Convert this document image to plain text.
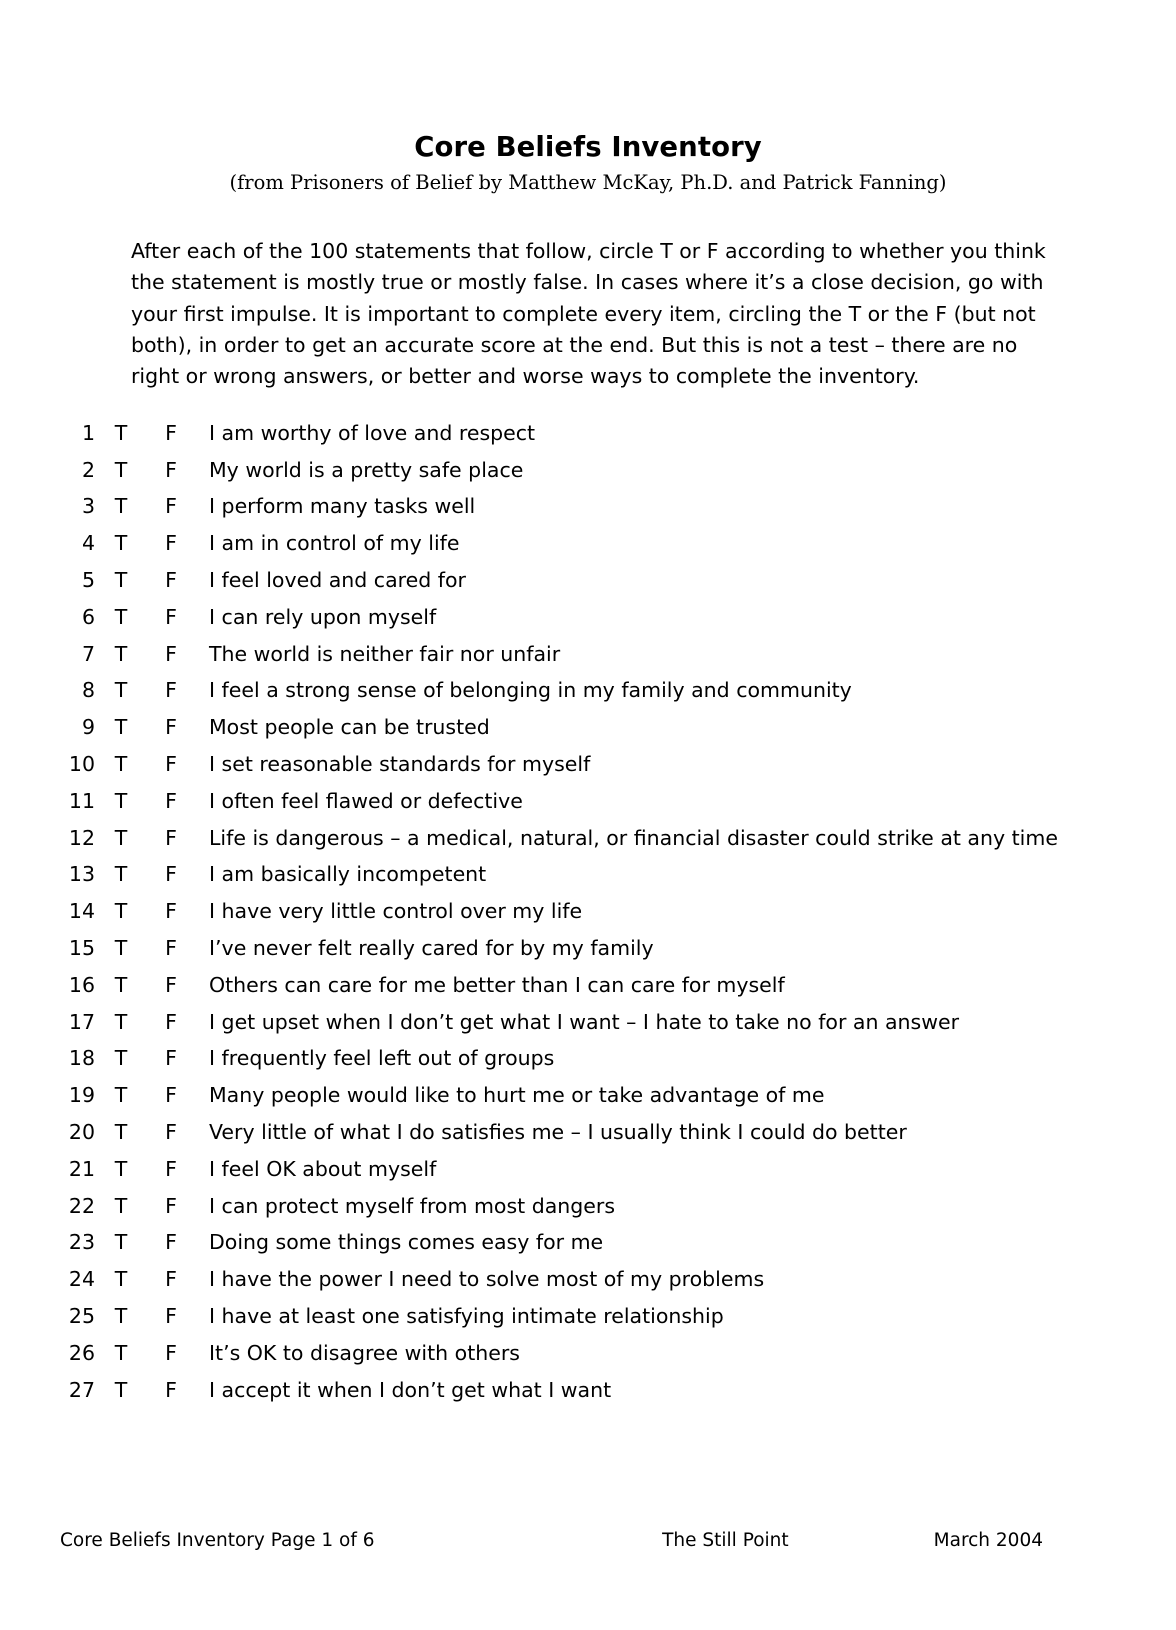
Core Beliefs Inventory
(from Prisoners of Belief by Matthew McKay, Ph.D. and Patrick Fanning)

After each of the 100 statements that follow, circle T or F according to whether you think the statement is mostly true or mostly false. In cases where it’s a close decision, go with your first impulse. It is important to complete every item, circling the T or the F (but not both), in order to get an accurate score at the end. But this is not a test – there are no right or wrong answers, or better and worse ways to complete the inventory.

1 T	F	I am worthy of love and respect
2 T	F	My world is a pretty safe place
3 T	F	I perform many tasks well
4 T	F	I am in control of my life
5 T	F	I feel loved and cared for
6 T	F	I can rely upon myself
7 T	F	The world is neither fair nor unfair
8 T	F	I feel a strong sense of belonging in my family and community
9 T	F	Most people can be trusted
10 T	F	I set reasonable standards for myself
11 T	F	I often feel flawed or defective
12 T	F	Life is dangerous – a medical, natural, or financial disaster could strike at any time
13 T	F	I am basically incompetent
14 T	F	I have very little control over my life
15 T	F	I’ve never felt really cared for by my family
16 T	F	Others can care for me better than I can care for myself
17 T	F	I get upset when I don’t get what I want – I hate to take no for an answer
18 T	F	I frequently feel left out of groups
19 T	F	Many people would like to hurt me or take advantage of me
20 T	F	Very little of what I do satisfies me – I usually think I could do better
21 T	F	I feel OK about myself
22 T	F	I can protect myself from most dangers
23 T	F	Doing some things comes easy for me
24 T	F	I have the power I need to solve most of my problems
25 T	F	I have at least one satisfying intimate relationship
26 T	F	It’s OK to disagree with others
27 T	F	I accept it when I don’t get what I want
Core Beliefs Inventory Page 1 of 6	The Still Point	March 2004
